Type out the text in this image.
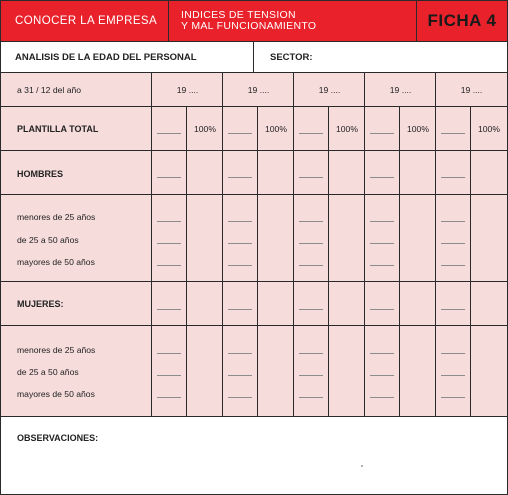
CONOCER LA EMPRESA	INDICES DE TENSION
Y MAL FUNCIONAMIENTO	FICHA 4
ANALISIS DE LA EDAD DEL PERSONAL	SECTOR:
a 31 / 12 del año	19 ....	19 ....	19 ....	19 ....	19 ....
PLANTILLA TOTAL	100%	100%	100%	100%	100%
HOMBRES
menores de 25 años
de 25 a 50 años
mayores de 50 años
MUJERES:
menores de 25 años
de 25 a 50 años
mayores de 50 años
OBSERVACIONES:
